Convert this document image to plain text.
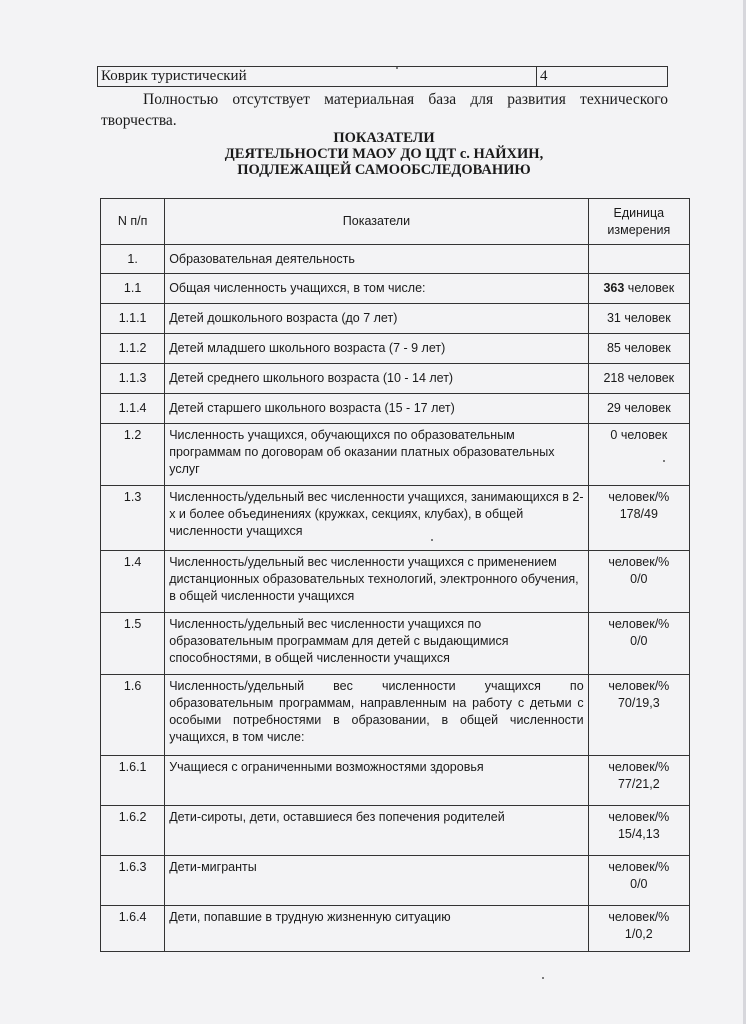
Коврик туристический	4
Полностью отсутствует материальная база для развития технического творчества.
ПОКАЗАТЕЛИ
ДЕЯТЕЛЬНОСТИ МАОУ ДО ЦДТ с. НАЙХИН,
ПОДЛЕЖАЩЕЙ САМООБСЛЕДОВАНИЮ
N п/п	Показатели	Единица
измерения

1.	Образовательная деятельность	
1.1	Общая численность учащихся, в том числе:	363 человек
1.1.1	Детей дошкольного возраста (до 7 лет)	31 человек
1.1.2	Детей младшего школьного возраста (7 - 9 лет)	85 человек
1.1.3	Детей среднего школьного возраста (10 - 14 лет)	218 человек
1.1.4	Детей старшего школьного возраста (15 - 17 лет)	29 человек
1.2	Численность учащихся, обучающихся по образовательным программам по договорам об оказании платных образовательных услуг	0 человек
1.3	Численность/удельный вес численности учащихся, занимающихся в 2-х и более объединениях (кружках, секциях, клубах), в общей численности учащихся	человек/%
178/49

1.4	Численность/удельный вес численности учащихся с применением дистанционных образовательных технологий, электронного обучения, в общей численности учащихся	человек/%
0/0

1.5	Численность/удельный вес численности учащихся по образовательным программам для детей с выдающимися способностями, в общей численности учащихся	человек/%
0/0

1.6	Численность/удельный вес численности учащихся по образовательным программам, направленным на работу с детьми с особыми потребностями в образовании, в общей численности учащихся, в том числе:	человек/%
70/19,3

1.6.1	Учащиеся с ограниченными возможностями здоровья	человек/%
77/21,2

1.6.2	Дети-сироты, дети, оставшиеся без попечения родителей	человек/%
15/4,13

1.6.3	Дети-мигранты	человек/%
0/0

1.6.4	Дети, попавшие в трудную жизненную ситуацию	человек/%
1/0,2
